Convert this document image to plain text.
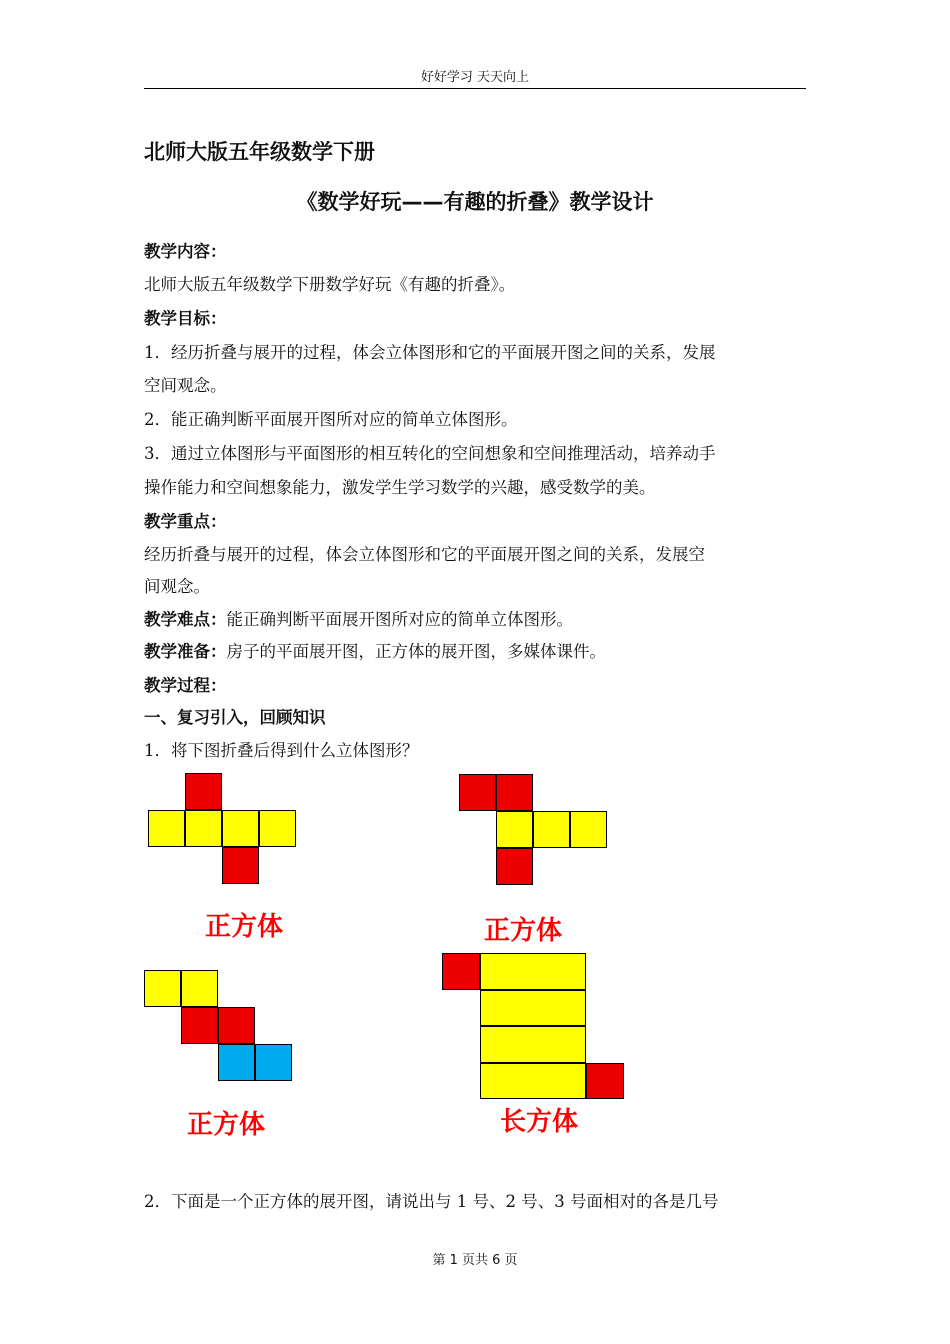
好好学习 天天向上
北师大版五年级数学下册
《数学好玩——有趣的折叠》教学设计
教学内容：
北师大版五年级数学下册数学好玩《有趣的折叠》。
教学目标：
1．经历折叠与展开的过程，体会立体图形和它的平面展开图之间的关系，发展
空间观念。
2．能正确判断平面展开图所对应的简单立体图形。
3．通过立体图形与平面图形的相互转化的空间想象和空间推理活动，培养动手
操作能力和空间想象能力，激发学生学习数学的兴趣，感受数学的美。
教学重点：
经历折叠与展开的过程，体会立体图形和它的平面展开图之间的关系，发展空
间观念。
教学难点：能正确判断平面展开图所对应的简单立体图形。
教学准备：房子的平面展开图，正方体的展开图，多媒体课件。
教学过程：
一、复习引入，回顾知识
1．将下图折叠后得到什么立体图形？
正方体	正方体
正方体	长方体
2．下面是一个正方体的展开图，请说出与 1 号、2 号、3 号面相对的各是几号
第 1 页共 6 页
